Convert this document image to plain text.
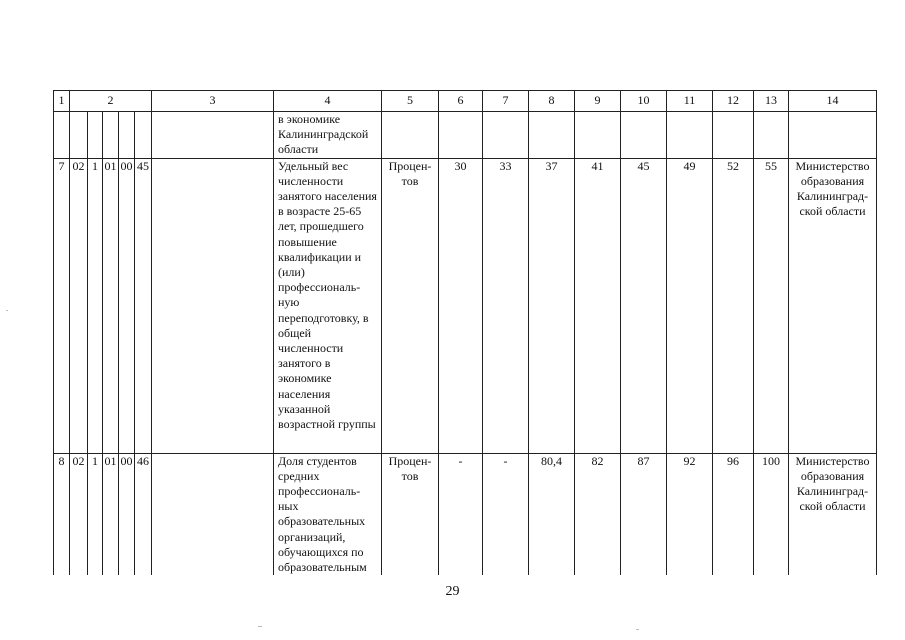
1	2					3	4	5	6	7	8	9	10	11	12	13	14
							в экономике Калининградской области										
7	02	1	01	00	45		Удельный вес численности занятого населения в возрасте 25-65 лет, прошедшего повышение квалификации и (или) профессиональ-ную переподготовку, в общей численности занятого в экономике населения указанной возрастной группы	Процен-тов	30	33	37	41	45	49	52	55	Министерство образования Калининград-ской области
8	02	1	01	00	46		Доля студентов средних профессиональ-ных образовательных организаций, обучающихся по образовательным	Процен-тов	-	-	80,4	82	87	92	96	100	Министерство образования Калининград-ской области
29
